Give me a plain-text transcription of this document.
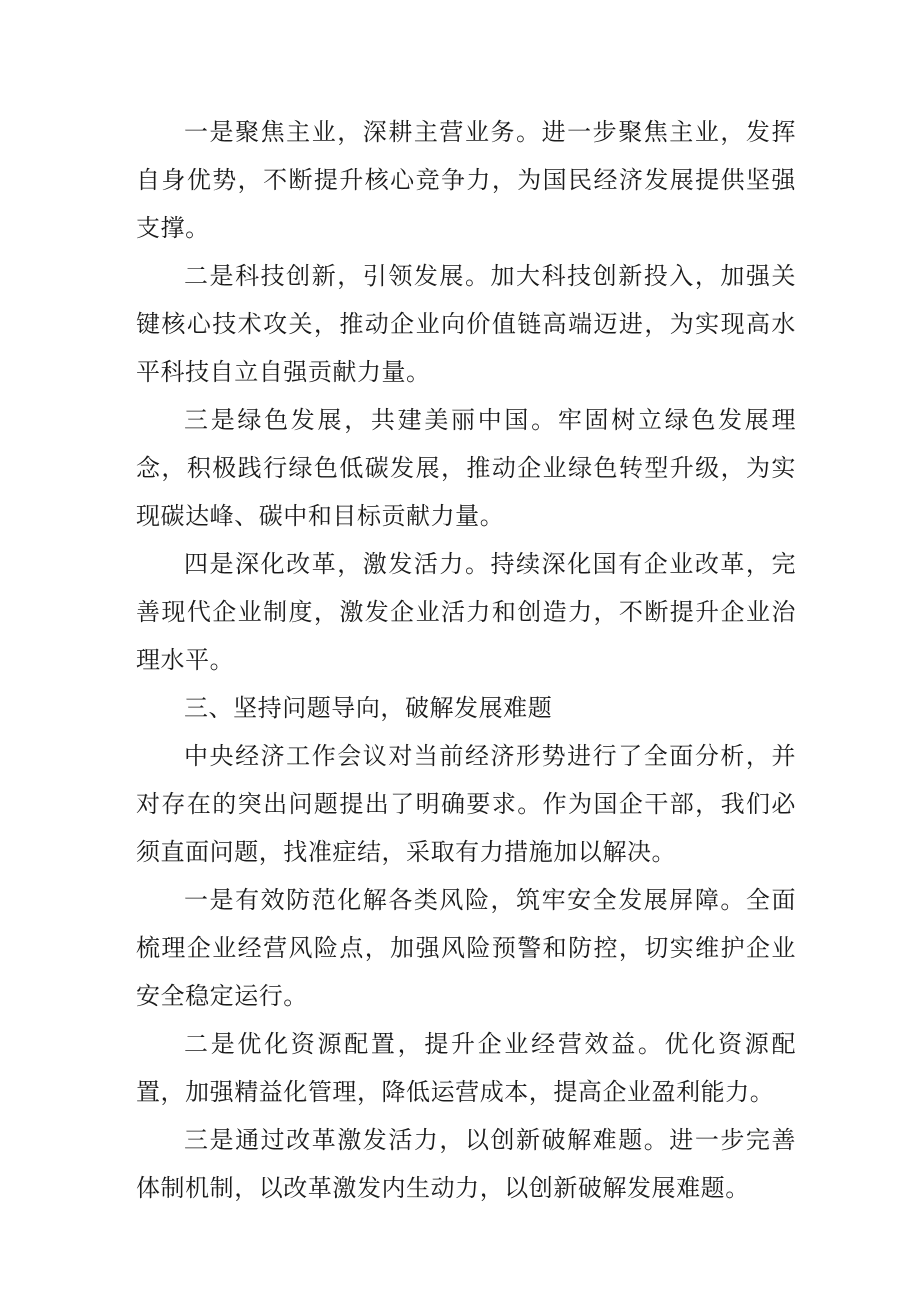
一是聚焦主业，深耕主营业务。进一步聚焦主业，发挥自身优势，不断提升核心竞争力，为国民经济发展提供坚强支撑。

二是科技创新，引领发展。加大科技创新投入，加强关键核心技术攻关，推动企业向价值链高端迈进，为实现高水平科技自立自强贡献力量。

三是绿色发展，共建美丽中国。牢固树立绿色发展理念，积极践行绿色低碳发展，推动企业绿色转型升级，为实现碳达峰、碳中和目标贡献力量。

四是深化改革，激发活力。持续深化国有企业改革，完善现代企业制度，激发企业活力和创造力，不断提升企业治理水平。

三、坚持问题导向，破解发展难题

中央经济工作会议对当前经济形势进行了全面分析，并对存在的突出问题提出了明确要求。作为国企干部，我们必须直面问题，找准症结，采取有力措施加以解决。

一是有效防范化解各类风险，筑牢安全发展屏障。全面梳理企业经营风险点，加强风险预警和防控，切实维护企业安全稳定运行。

二是优化资源配置，提升企业经营效益。优化资源配置，加强精益化管理，降低运营成本，提高企业盈利能力。

三是通过改革激发活力，以创新破解难题。进一步完善体制机制，以改革激发内生动力，以创新破解发展难题。
